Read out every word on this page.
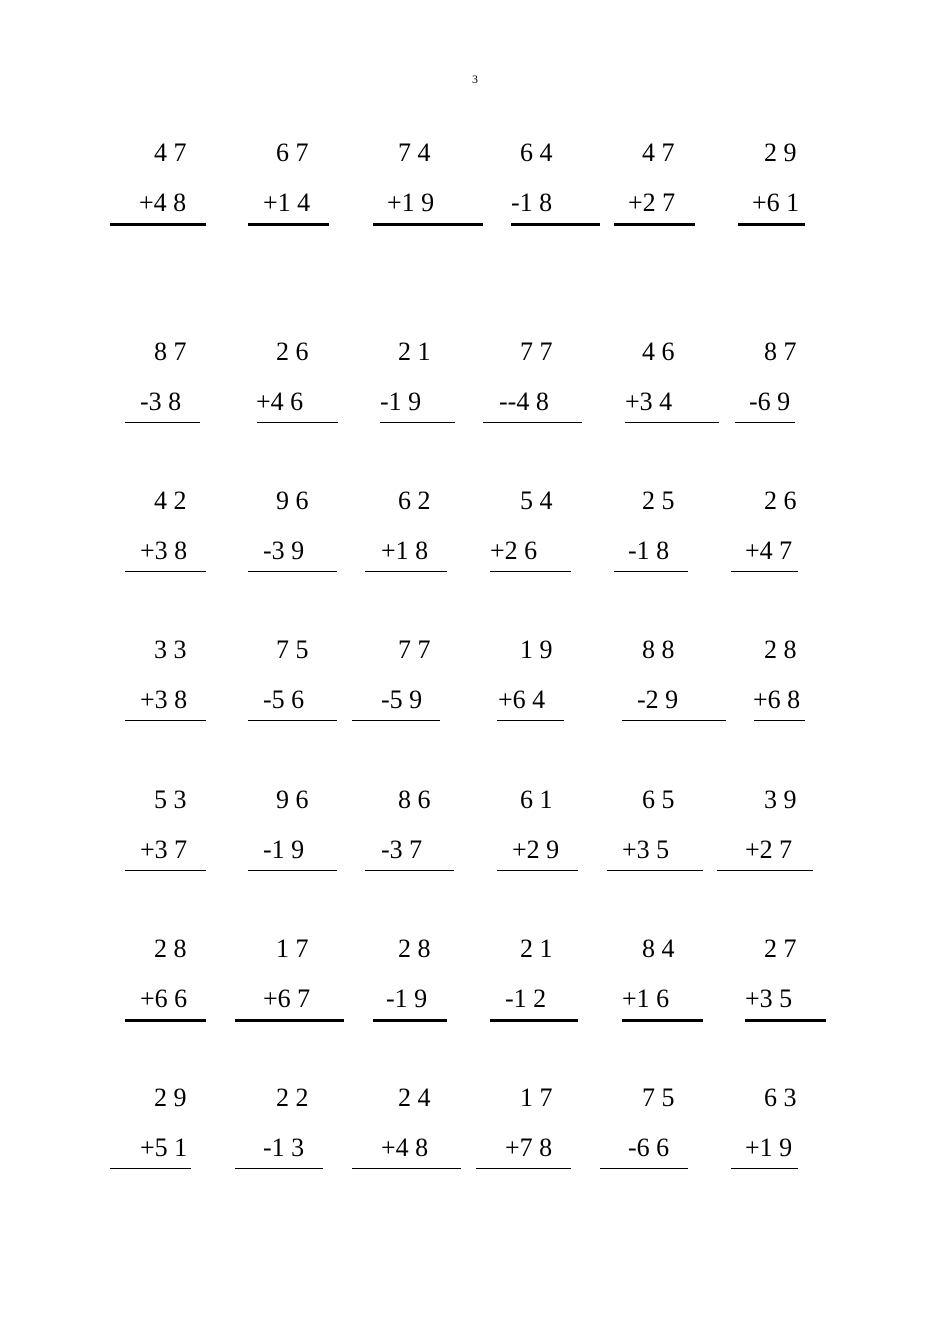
3
4 7
+4 8
6 7
+1 4
7 4
+1 9
6 4
-1 8
4 7
+2 7
2 9
+6 1
8 7
-3 8
2 6
+4 6
2 1
-1 9
7 7
--4 8
4 6
+3 4
8 7
-6 9
4 2
+3 8
9 6
-3 9
6 2
+1 8
5 4
+2 6
2 5
-1 8
2 6
+4 7
3 3
+3 8
7 5
-5 6
7 7
-5 9
1 9
+6 4
8 8
-2 9
2 8
+6 8
5 3
+3 7
9 6
-1 9
8 6
-3 7
6 1
+2 9
6 5
+3 5
3 9
+2 7
2 8
+6 6
1 7
+6 7
2 8
-1 9
2 1
-1 2
8 4
+1 6
2 7
+3 5
2 9
+5 1
2 2
-1 3
2 4
+4 8
1 7
+7 8
7 5
-6 6
6 3
+1 9
